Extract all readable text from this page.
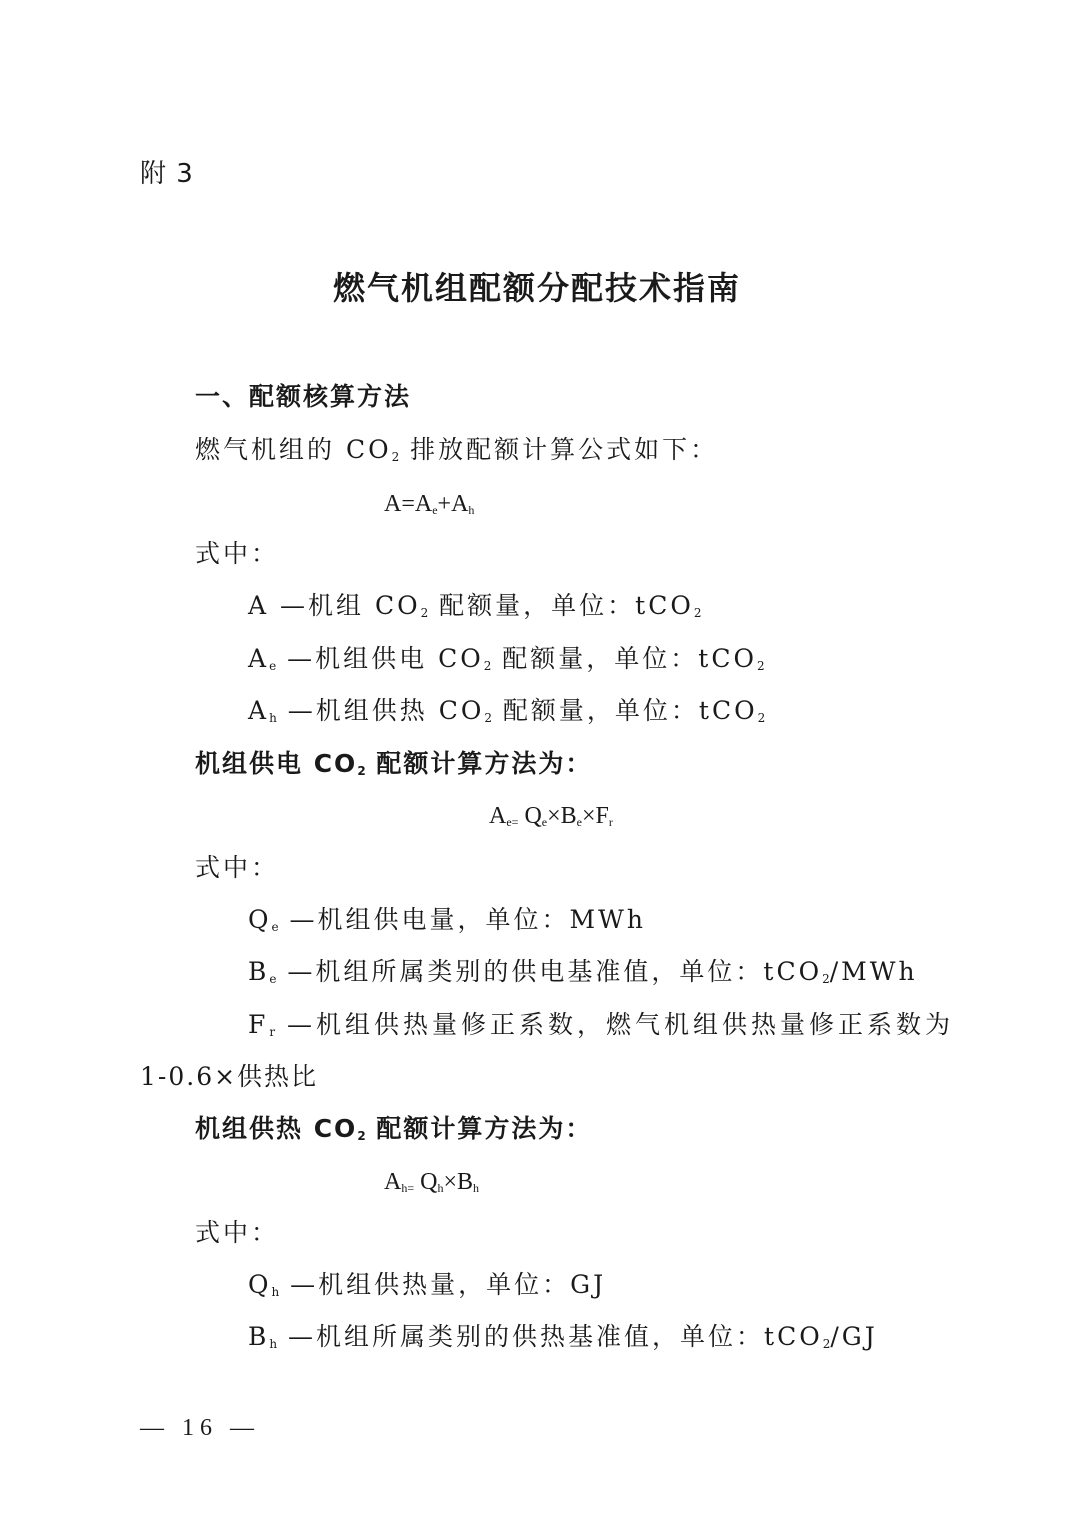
附 3
燃气机组配额分配技术指南
一、配额核算方法
燃气机组的 $CO_2$ 排放配额计算公式如下：
$A=A_e+A_h$
式中：
A —机组 $CO_2$ 配额量，单位：tCO$_2$
$A_e$ —机组供电 $CO_2$ 配额量，单位：tCO$_2$
$A_h$ —机组供热 $CO_2$ 配额量，单位：tCO$_2$
机组供电 $CO_2$ 配额计算方法为：
$A_{e=}$ $Q_e\times B_e\times F_r$
式中：
$Q_e$ —机组供电量，单位：MWh
$B_e$ —机组所属类别的供电基准值，单位：tCO$_2$/MWh
$F_r$ —机组供热量修正系数，燃气机组供热量修正系数为
1-0.6×供热比
机组供热 $CO_2$ 配额计算方法为：
$A_{h=}$ $Q_h\times B_h$
式中：
$Q_h$ —机组供热量，单位：GJ
$B_h$ —机组所属类别的供热基准值，单位：tCO$_2$/GJ
— 16 —
